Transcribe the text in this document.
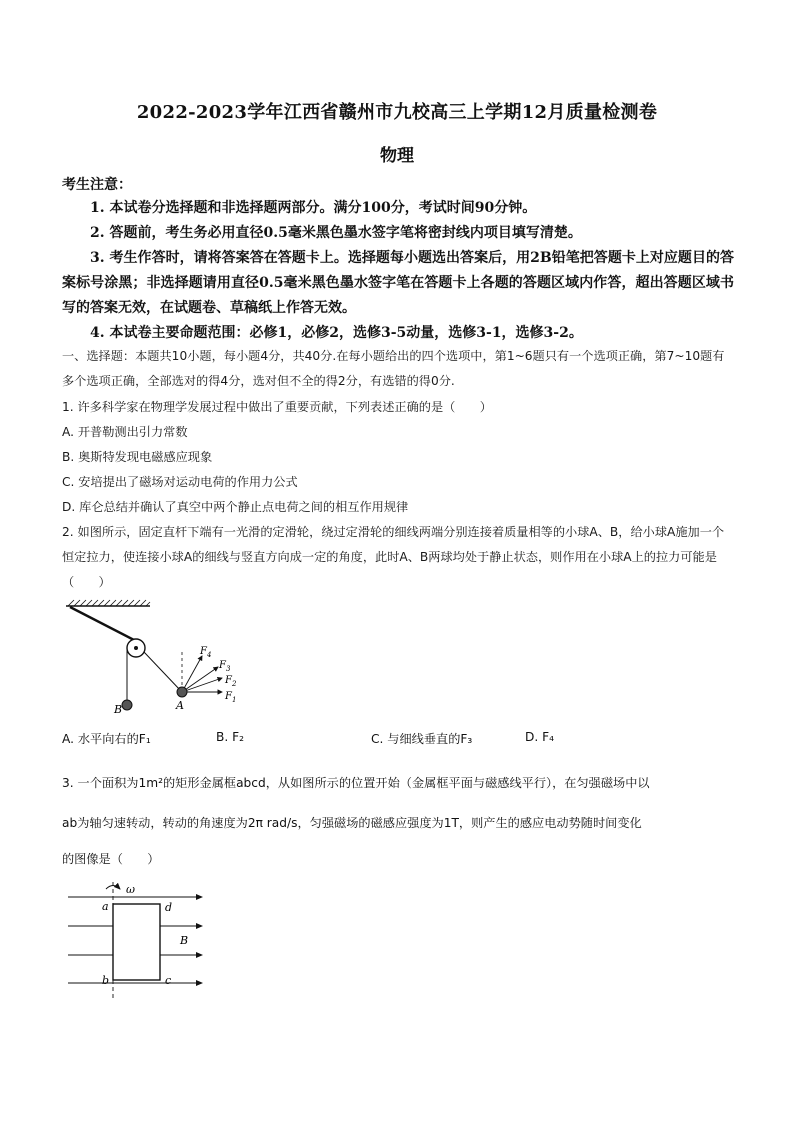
2022-2023学年江西省赣州市九校高三上学期12月质量检测卷
物理
考生注意：
1. 本试卷分选择题和非选择题两部分。满分100分，考试时间90分钟。
2. 答题前，考生务必用直径0.5毫米黑色墨水签字笔将密封线内项目填写清楚。
3. 考生作答时，请将答案答在答题卡上。选择题每小题选出答案后，用2B铅笔把答题卡上对应题目的答案标号涂黑；非选择题请用直径0.5毫米黑色墨水签字笔在答题卡上各题的答题区域内作答，超出答题区域书写的答案无效，在试题卷、草稿纸上作答无效。
4. 本试卷主要命题范围：必修1，必修2，选修3-5动量，选修3-1，选修3-2。
一、选择题：本题共10小题，每小题4分，共40分.在每小题给出的四个选项中，第1~6题只有一个选项正确，第7~10题有多个选项正确，全部选对的得4分，选对但不全的得2分，有选错的得0分.
1. 许多科学家在物理学发展过程中做出了重要贡献，下列表述正确的是（　　）
A. 开普勒测出引力常数
B. 奥斯特发现电磁感应现象
C. 安培提出了磁场对运动电荷的作用力公式
D. 库仑总结并确认了真空中两个静止点电荷之间的相互作用规律
2. 如图所示，固定直杆下端有一光滑的定滑轮，绕过定滑轮的细线两端分别连接着质量相等的小球A、B，给小球A施加一个恒定拉力，使连接小球A的细线与竖直方向成一定的角度，此时A、B两球均处于静止状态，则作用在小球A上的拉力可能是（　　）
B	A
F 1
F 2
F 3
F 4
A. 水平向右的F₁	B. F₂	C. 与细线垂直的F₃	D. F₄
3. 一个面积为1m²的矩形金属框abcd，从如图所示的位置开始（金属框平面与磁感线平行），在匀强磁场中以
ab为轴匀速转动，转动的角速度为2π rad/s，匀强磁场的磁感应强度为1T，则产生的感应电动势随时间变化
的图像是（　　）
ω
a	d
b	c
B
